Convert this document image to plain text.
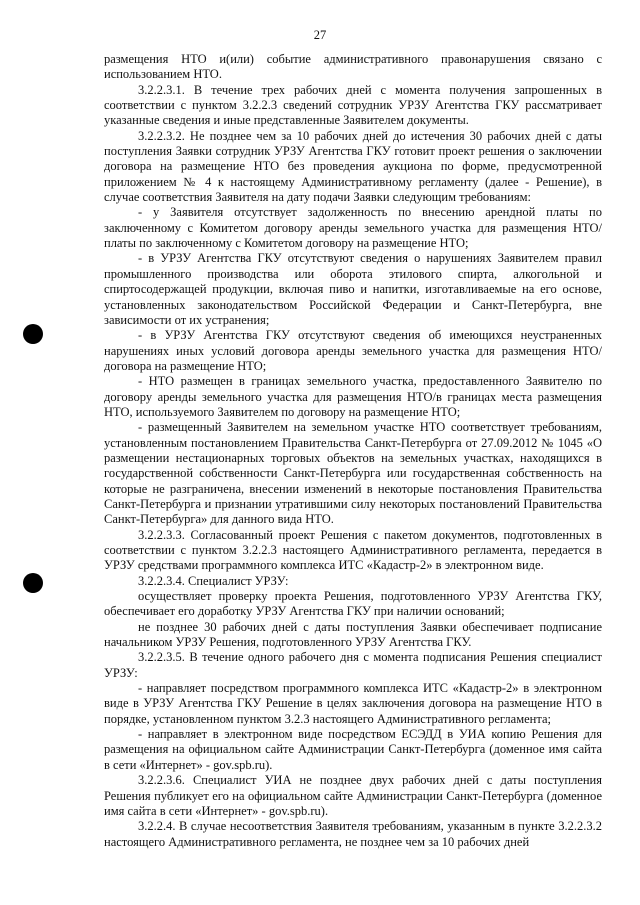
27

размещения НТО и(или) событие административного правонарушения связано с использованием НТО.

3.2.2.3.1. В течение трех рабочих дней с момента получения запрошенных в соответствии с пунктом 3.2.2.3 сведений сотрудник УРЗУ Агентства ГКУ рассматривает указанные сведения и иные представленные Заявителем документы.

3.2.2.3.2. Не позднее чем за 10 рабочих дней до истечения 30 рабочих дней с даты поступления Заявки сотрудник УРЗУ Агентства ГКУ готовит проект решения о заключении договора на размещение НТО без проведения аукциона по форме, предусмотренной приложением № 4 к настоящему Административному регламенту (далее - Решение), в случае соответствия Заявителя на дату подачи Заявки следующим требованиям:

- у Заявителя отсутствует задолженность по внесению арендной платы по заключенному с Комитетом договору аренды земельного участка для размещения НТО/платы по заключенному с Комитетом договору на размещение НТО;

- в УРЗУ Агентства ГКУ отсутствуют сведения о нарушениях Заявителем правил промышленного производства или оборота этилового спирта, алкогольной и спиртосодержащей продукции, включая пиво и напитки, изготавливаемые на его основе, установленных законодательством Российской Федерации и Санкт-Петербурга, вне зависимости от их устранения;

- в УРЗУ Агентства ГКУ отсутствуют сведения об имеющихся неустраненных нарушениях иных условий договора аренды земельного участка для размещения НТО/договора на размещение НТО;

- НТО размещен в границах земельного участка, предоставленного Заявителю по договору аренды земельного участка для размещения НТО/в границах места размещения НТО, используемого Заявителем по договору на размещение НТО;

- размещенный Заявителем на земельном участке НТО соответствует требованиям, установленным постановлением Правительства Санкт-Петербурга от 27.09.2012 № 1045 «О размещении нестационарных торговых объектов на земельных участках, находящихся в государственной собственности Санкт-Петербурга или государственная собственность на которые не разграничена, внесении изменений в некоторые постановления Правительства Санкт-Петербурга и признании утратившими силу некоторых постановлений Правительства Санкт-Петербурга» для данного вида НТО.

3.2.2.3.3. Согласованный проект Решения с пакетом документов, подготовленных в соответствии с пунктом 3.2.2.3 настоящего Административного регламента, передается в УРЗУ средствами программного комплекса ИТС «Кадастр-2» в электронном виде.

3.2.2.3.4. Специалист УРЗУ:

осуществляет проверку проекта Решения, подготовленного УРЗУ Агентства ГКУ, обеспечивает его доработку УРЗУ Агентства ГКУ при наличии оснований;

не позднее 30 рабочих дней с даты поступления Заявки обеспечивает подписание начальником УРЗУ Решения, подготовленного УРЗУ Агентства ГКУ.

3.2.2.3.5. В течение одного рабочего дня с момента подписания Решения специалист УРЗУ:

- направляет посредством программного комплекса ИТС «Кадастр-2» в электронном виде в УРЗУ Агентства ГКУ Решение в целях заключения договора на размещение НТО в порядке, установленном пунктом 3.2.3 настоящего Административного регламента;

- направляет в электронном виде посредством ЕСЭДД в УИА копию Решения для размещения на официальном сайте Администрации Санкт-Петербурга (доменное имя сайта в сети «Интернет» - gov.spb.ru).

3.2.2.3.6. Специалист УИА не позднее двух рабочих дней с даты поступления Решения публикует его на официальном сайте Администрации Санкт-Петербурга (доменное имя сайта в сети «Интернет» - gov.spb.ru).

3.2.2.4. В случае несоответствия Заявителя требованиям, указанным в пункте 3.2.2.3.2 настоящего Административного регламента, не позднее чем за 10 рабочих дней
